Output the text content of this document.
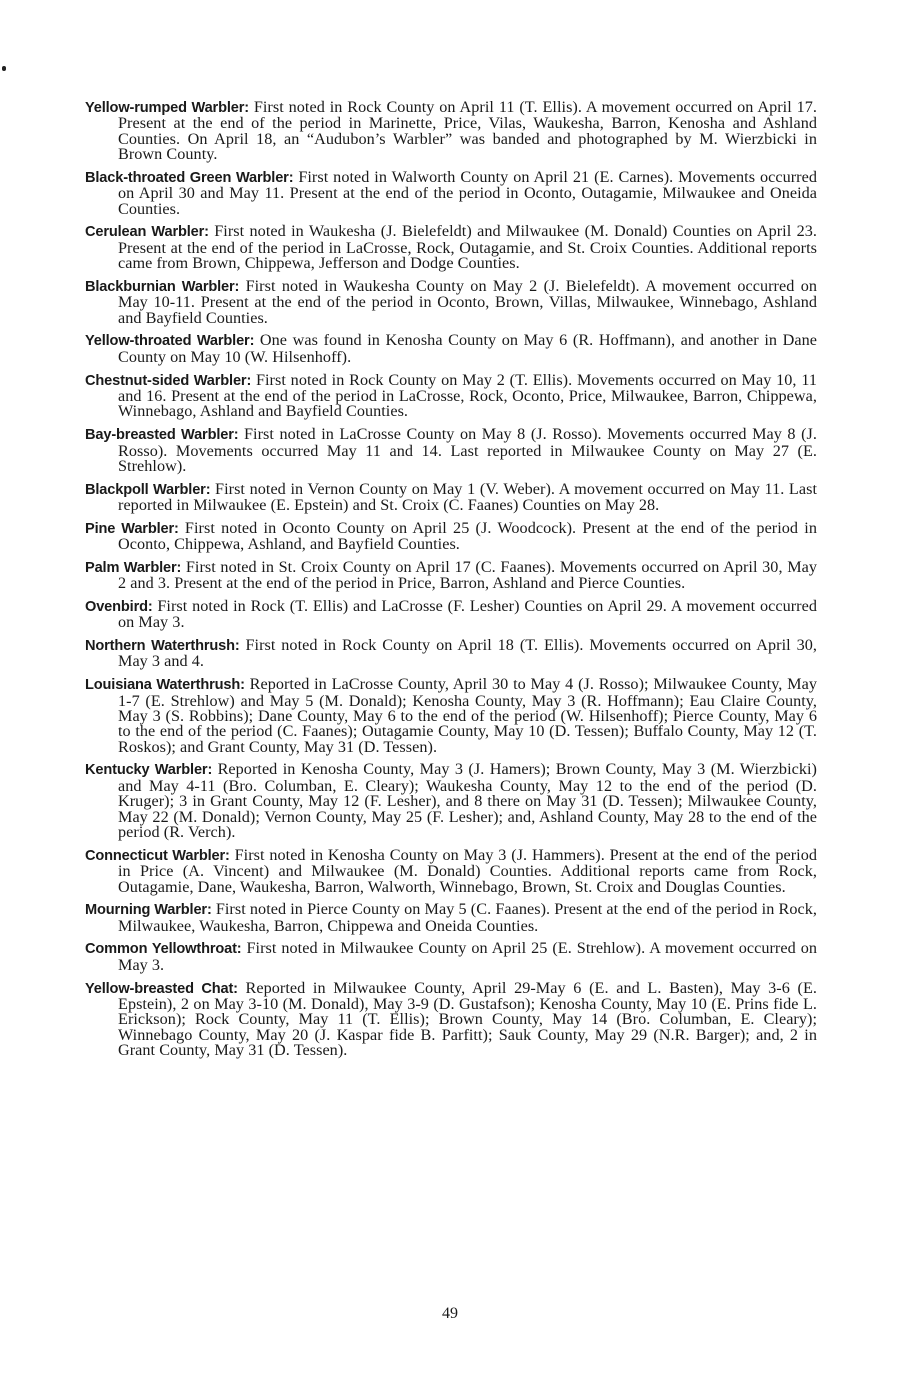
Yellow-rumped Warbler: First noted in Rock County on April 11 (T. Ellis). A movement occurred on April 17. Present at the end of the period in Marinette, Price, Vilas, Waukesha, Barron, Kenosha and Ashland Counties. On April 18, an “Audubon’s Warbler” was banded and photographed by M. Wierzbicki in Brown County.

Black-throated Green Warbler: First noted in Walworth County on April 21 (E. Carnes). Movements occurred on April 30 and May 11. Present at the end of the period in Oconto, Outagamie, Milwaukee and Oneida Counties.

Cerulean Warbler: First noted in Waukesha (J. Bielefeldt) and Milwaukee (M. Donald) Counties on April 23. Present at the end of the period in LaCrosse, Rock, Outagamie, and St. Croix Counties. Additional reports came from Brown, Chippewa, Jefferson and Dodge Counties.

Blackburnian Warbler: First noted in Waukesha County on May 2 (J. Bielefeldt). A movement occurred on May 10-11. Present at the end of the period in Oconto, Brown, Villas, Milwaukee, Winnebago, Ashland and Bayfield Counties.

Yellow-throated Warbler: One was found in Kenosha County on May 6 (R. Hoffmann), and another in Dane County on May 10 (W. Hilsenhoff).

Chestnut-sided Warbler: First noted in Rock County on May 2 (T. Ellis). Movements occurred on May 10, 11 and 16. Present at the end of the period in LaCrosse, Rock, Oconto, Price, Milwaukee, Barron, Chippewa, Winnebago, Ashland and Bayfield Counties.

Bay-breasted Warbler: First noted in LaCrosse County on May 8 (J. Rosso). Movements occurred May 8 (J. Rosso). Movements occurred May 11 and 14. Last reported in Milwaukee County on May 27 (E. Strehlow).

Blackpoll Warbler: First noted in Vernon County on May 1 (V. Weber). A movement occurred on May 11. Last reported in Milwaukee (E. Epstein) and St. Croix (C. Faanes) Counties on May 28.

Pine Warbler: First noted in Oconto County on April 25 (J. Woodcock). Present at the end of the period in Oconto, Chippewa, Ashland, and Bayfield Counties.

Palm Warbler: First noted in St. Croix County on April 17 (C. Faanes). Movements occurred on April 30, May 2 and 3. Present at the end of the period in Price, Barron, Ashland and Pierce Counties.

Ovenbird: First noted in Rock (T. Ellis) and LaCrosse (F. Lesher) Counties on April 29. A movement occurred on May 3.

Northern Waterthrush: First noted in Rock County on April 18 (T. Ellis). Movements occurred on April 30, May 3 and 4.

Louisiana Waterthrush: Reported in LaCrosse County, April 30 to May 4 (J. Rosso); Milwaukee County, May 1-7 (E. Strehlow) and May 5 (M. Donald); Kenosha County, May 3 (R. Hoffmann); Eau Claire County, May 3 (S. Robbins); Dane County, May 6 to the end of the period (W. Hilsenhoff); Pierce County, May 6 to the end of the period (C. Faanes); Outagamie County, May 10 (D. Tessen); Buffalo County, May 12 (T. Roskos); and Grant County, May 31 (D. Tessen).

Kentucky Warbler: Reported in Kenosha County, May 3 (J. Hamers); Brown County, May 3 (M. Wierzbicki) and May 4-11 (Bro. Columban, E. Cleary); Waukesha County, May 12 to the end of the period (D. Kruger); 3 in Grant County, May 12 (F. Lesher), and 8 there on May 31 (D. Tessen); Milwaukee County, May 22 (M. Donald); Vernon County, May 25 (F. Lesher); and, Ashland County, May 28 to the end of the period (R. Verch).

Connecticut Warbler: First noted in Kenosha County on May 3 (J. Hammers). Present at the end of the period in Price (A. Vincent) and Milwaukee (M. Donald) Counties. Additional reports came from Rock, Outagamie, Dane, Waukesha, Barron, Walworth, Winnebago, Brown, St. Croix and Douglas Counties.

Mourning Warbler: First noted in Pierce County on May 5 (C. Faanes). Present at the end of the period in Rock, Milwaukee, Waukesha, Barron, Chippewa and Oneida Counties.

Common Yellowthroat: First noted in Milwaukee County on April 25 (E. Strehlow). A movement occurred on May 3.

Yellow-breasted Chat: Reported in Milwaukee County, April 29-May 6 (E. and L. Basten), May 3-6 (E. Epstein), 2 on May 3-10 (M. Donald), May 3-9 (D. Gustafson); Kenosha County, May 10 (E. Prins fide L. Erickson); Rock County, May 11 (T. Ellis); Brown County, May 14 (Bro. Columban, E. Cleary); Winnebago County, May 20 (J. Kaspar fide B. Parfitt); Sauk County, May 29 (N.R. Barger); and, 2 in Grant County, May 31 (D. Tessen).

49
